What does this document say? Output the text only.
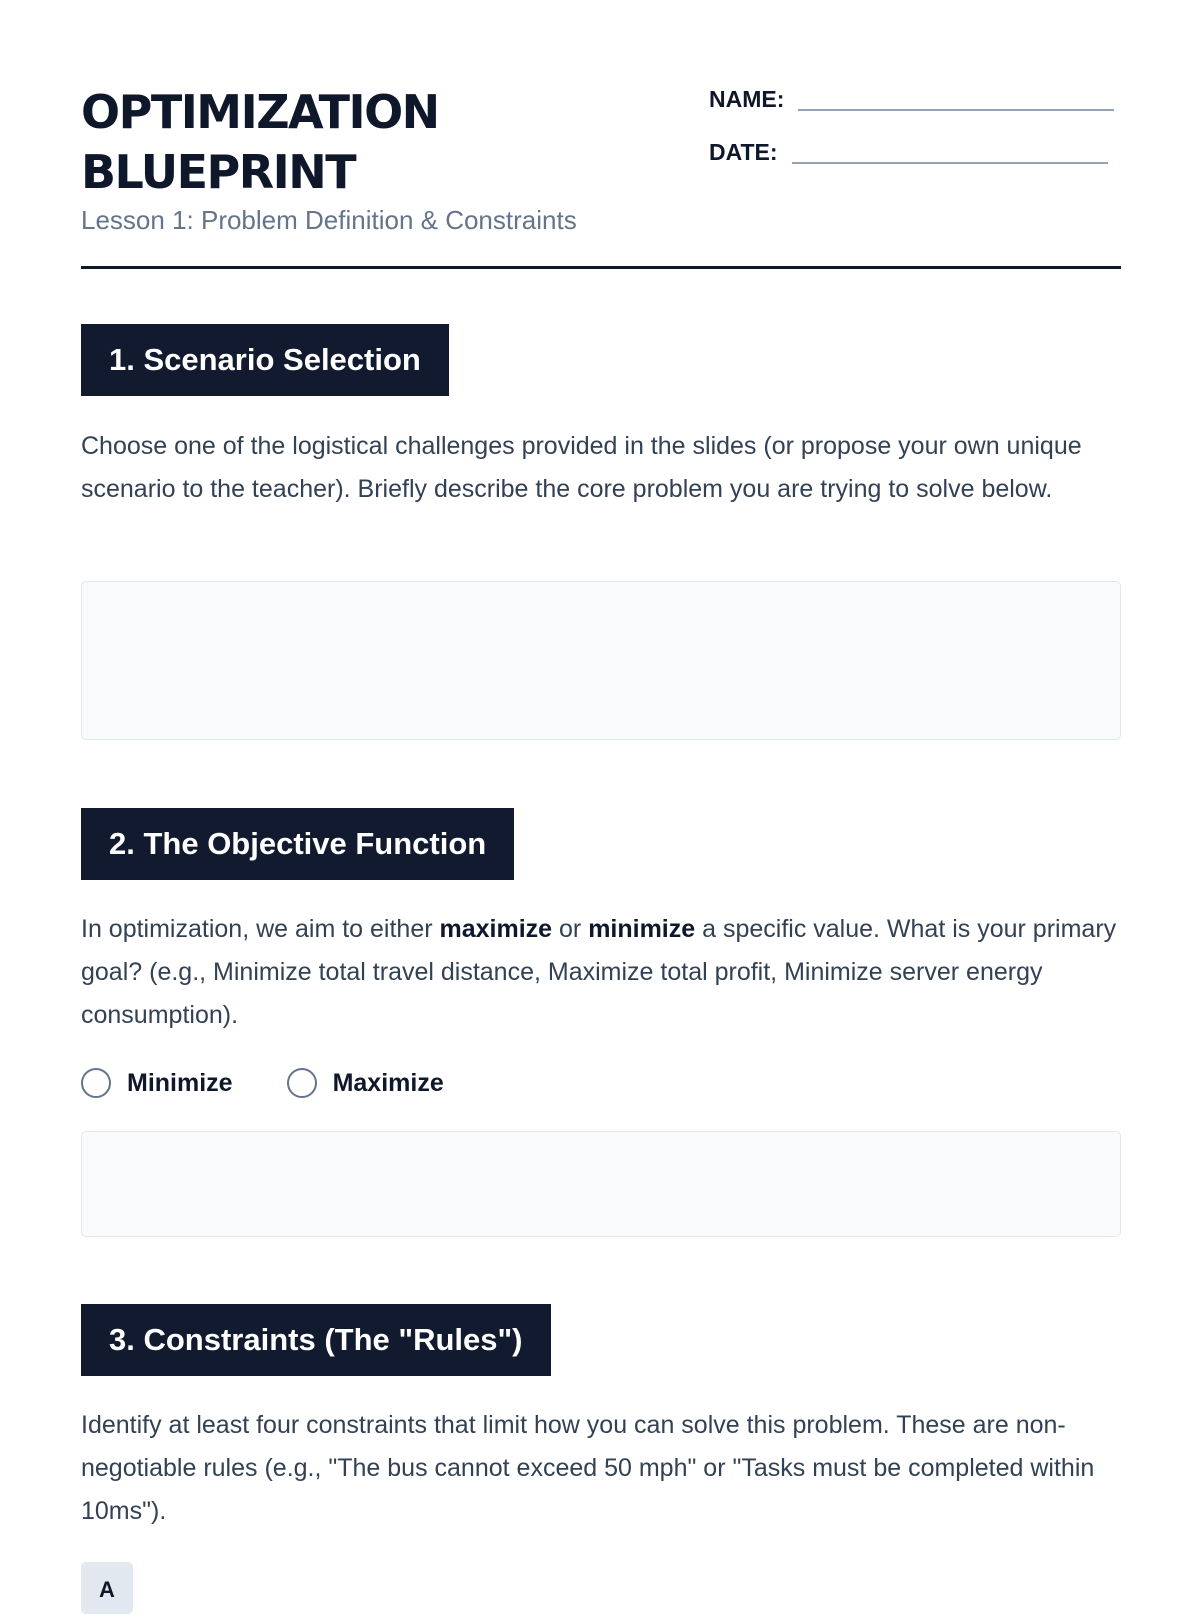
OPTIMIZATION
BLUEPRINT
Lesson 1: Problem Definition & Constraints
NAME:
DATE:
1. Scenario Selection

Choose one of the logistical challenges provided in the slides (or propose your own unique scenario to the teacher). Briefly describe the core problem you are trying to solve below.

2. The Objective Function

In optimization, we aim to either maximize or minimize a specific value. What is your primary goal? (e.g., Minimize total travel distance, Maximize total profit, Minimize server energy consumption).

Minimize	Maximize
3. Constraints (The "Rules")

Identify at least four constraints that limit how you can solve this problem. These are non-negotiable rules (e.g., "The bus cannot exceed 50 mph" or "Tasks must be completed within 10ms").

A
